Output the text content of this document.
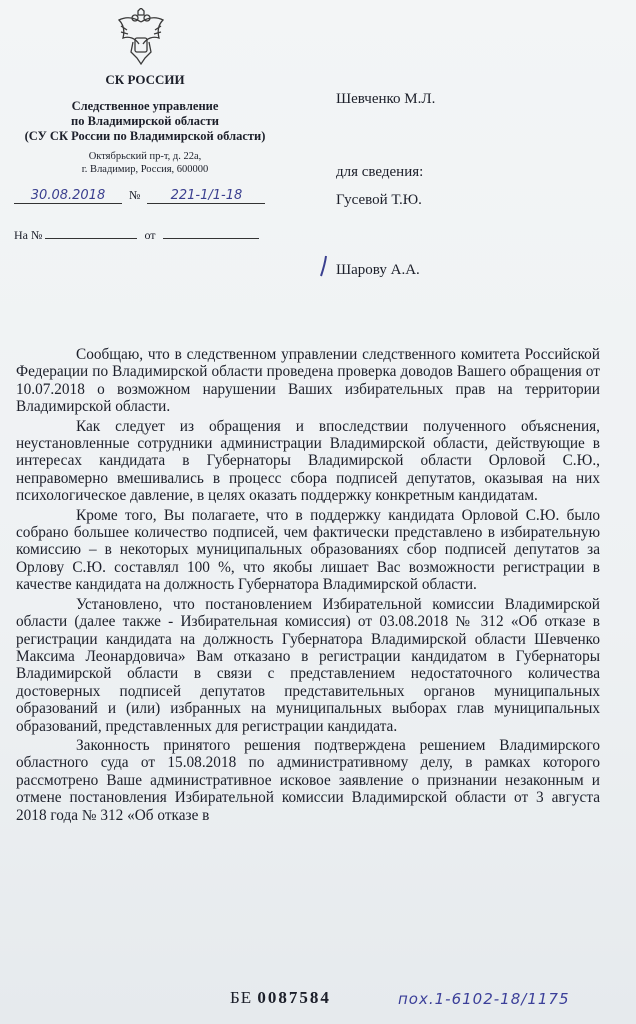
СК РОССИИ
Следственное управление
по Владимирской области
(СУ СК России по Владимирской области)
Октябрьский пр-т, д. 22а,
г. Владимир, Россия, 600000
30.08.2018 № 221-1/1-18
На №	от
Шевченко М.Л.
для сведения:
Гусевой Т.Ю.
Шарову А.А.

Сообщаю, что в следственном управлении следственного комитета Российской Федерации по Владимирской области проведена проверка доводов Вашего обращения от 10.07.2018 о возможном нарушении Ваших избирательных прав на территории Владимирской области.

Как следует из обращения и впоследствии полученного объяснения, неустановленные сотрудники администрации Владимирской области, действующие в интересах кандидата в Губернаторы Владимирской области Орловой С.Ю., неправомерно вмешивались в процесс сбора подписей депутатов, оказывая на них психологическое давление, в целях оказать поддержку конкретным кандидатам.

Кроме того, Вы полагаете, что в поддержку кандидата Орловой С.Ю. было собрано большее количество подписей, чем фактически представлено в избирательную комиссию – в некоторых муниципальных образованиях сбор подписей депутатов за Орлову С.Ю. составлял 100 %, что якобы лишает Вас возможности регистрации в качестве кандидата на должность Губернатора Владимирской области.

Установлено, что постановлением Избирательной комиссии Владимирской области (далее также - Избирательная комиссия) от 03.08.2018 № 312 «Об отказе в регистрации кандидата на должность Губернатора Владимирской области Шевченко Максима Леонардовича» Вам отказано в регистрации кандидатом в Губернаторы Владимирской области в связи с представлением недостаточного количества достоверных подписей депутатов представительных органов муниципальных образований и (или) избранных на муниципальных выборах глав муниципальных образований, представленных для регистрации кандидата.

Законность принятого решения подтверждена решением Владимирского областного суда от 15.08.2018 по административному делу, в рамках которого рассмотрено Ваше административное исковое заявление о признании незаконным и отмене постановления Избирательной комиссии Владимирской области от 3 августа 2018 года № 312 «Об отказе в

БЕ 0087584	пох.1-6102-18/1175
